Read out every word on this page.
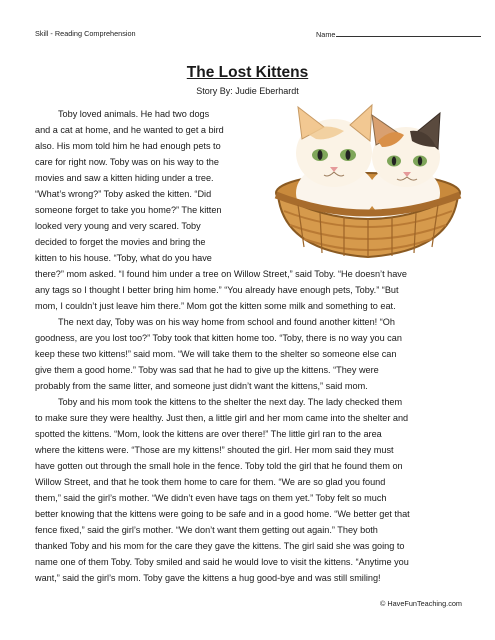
Skill - Reading Comprehension	Name
The Lost Kittens
Story By: Judie Eberhardt
Toby loved animals. He had two dogs
and a cat at home, and he wanted to get a bird
also. His mom told him he had enough pets to
care for right now. Toby was on his way to the
movies and saw a kitten hiding under a tree.
“What’s wrong?” Toby asked the kitten. “Did
someone forget to take you home?” The kitten
looked very young and very scared. Toby
decided to forget the movies and bring the
kitten to his house. “Toby, what do you have
there?” mom asked. “I found him under a tree on Willow Street,” said Toby. “He doesn’t have
any tags so I thought I better bring him home.” “You already have enough pets, Toby.” “But
mom, I couldn’t just leave him there.” Mom got the kitten some milk and something to eat.
The next day, Toby was on his way home from school and found another kitten! “Oh
goodness, are you lost too?” Toby took that kitten home too. “Toby, there is no way you can
keep these two kittens!” said mom. “We will take them to the shelter so someone else can
give them a good home.” Toby was sad that he had to give up the kittens. “They were
probably from the same litter, and someone just didn’t want the kittens,” said mom.
Toby and his mom took the kittens to the shelter the next day. The lady checked them
to make sure they were healthy. Just then, a little girl and her mom came into the shelter and
spotted the kittens. “Mom, look the kittens are over there!” The little girl ran to the area
where the kittens were. “Those are my kittens!” shouted the girl. Her mom said they must
have gotten out through the small hole in the fence. Toby told the girl that he found them on
Willow Street, and that he took them home to care for them. “We are so glad you found
them,” said the girl’s mother. “We didn’t even have tags on them yet.” Toby felt so much
better knowing that the kittens were going to be safe and in a good home. “We better get that
fence fixed,” said the girl’s mother. “We don’t want them getting out again.” They both
thanked Toby and his mom for the care they gave the kittens. The girl said she was going to
name one of them Toby. Toby smiled and said he would love to visit the kittens. “Anytime you
want,” said the girl’s mom. Toby gave the kittens a hug good-bye and was still smiling!
© HaveFunTeaching.com
